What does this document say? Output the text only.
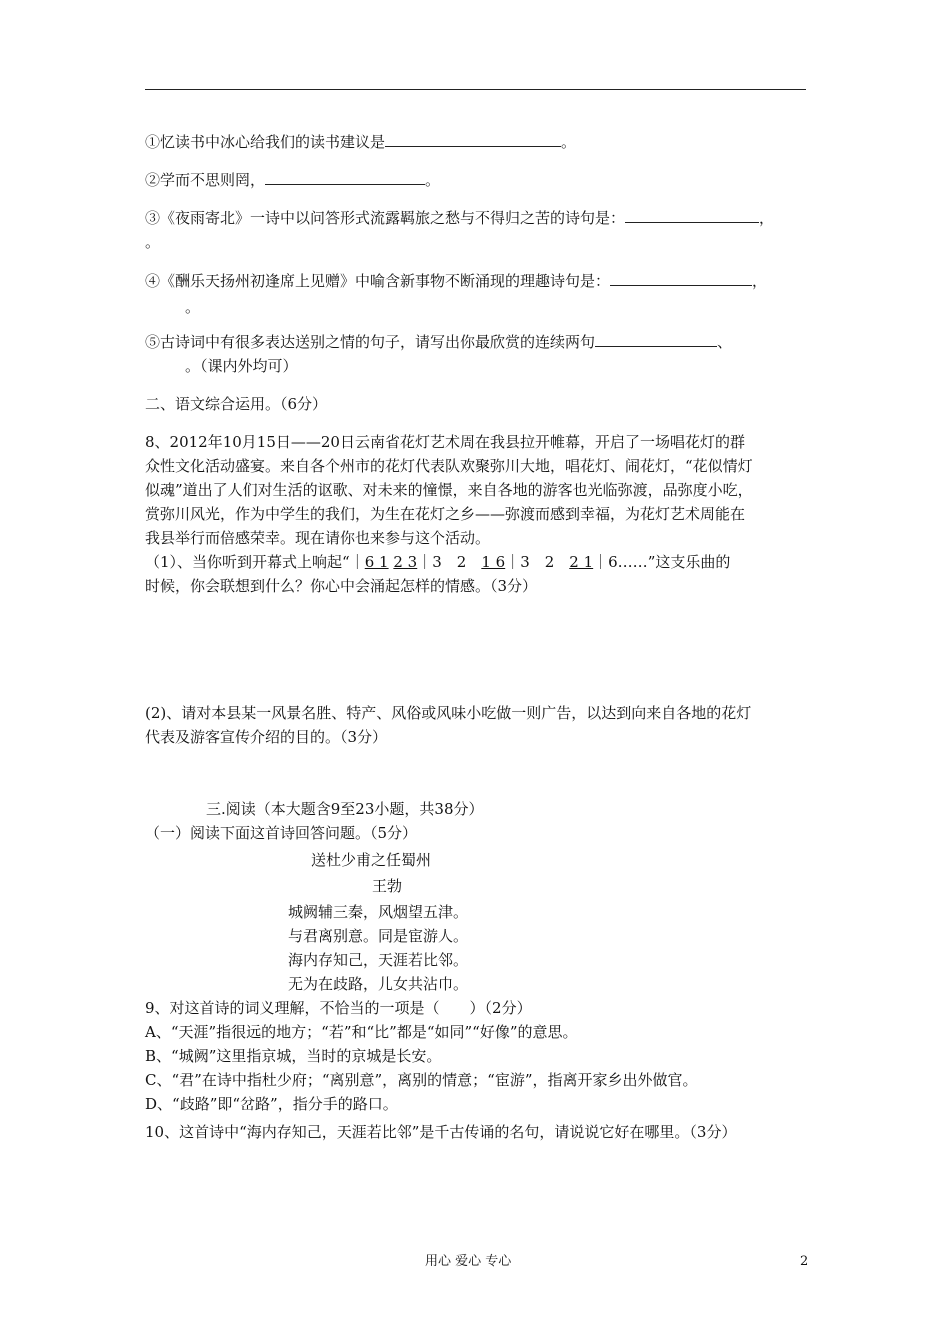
①忆读书中冰心给我们的读书建议是	。
②学而不思则罔，	。
③《夜雨寄北》一诗中以问答形式流露羁旅之愁与不得归之苦的诗句是：	，
。
④《酬乐天扬州初逢席上见赠》中喻含新事物不断涌现的理趣诗句是：	，
。
⑤古诗词中有很多表达送别之情的句子，请写出你最欣赏的连续两句	、
。（课内外均可）
二、语文综合运用。（6分）
8、2012年10月15日——20日云南省花灯艺术周在我县拉开帷幕，开启了一场唱花灯的群
众性文化活动盛宴。来自各个州市的花灯代表队欢聚弥川大地，唱花灯、闹花灯，“花似情灯
似魂”道出了人们对生活的讴歌、对未来的憧憬，来自各地的游客也光临弥渡，品弥度小吃，
赏弥川风光，作为中学生的我们，为生在花灯之乡——弥渡而感到幸福，为花灯艺术周能在
我县举行而倍感荣幸。现在请你也来参与这个活动。
（1）、当你听到开幕式上响起“｜6 1 2 3｜3　2　1 6｜3　2　2 1｜6……”这支乐曲的
时候，你会联想到什么？你心中会涌起怎样的情感。（3分）
(2)、请对本县某一风景名胜、特产、风俗或风味小吃做一则广告，以达到向来自各地的花灯
代表及游客宣传介绍的目的。（3分）
三.阅读（本大题含9至23小题，共38分）
（一）阅读下面这首诗回答问题。（5分）
送杜少甫之任蜀州
王勃
城阙辅三秦，风烟望五津。
与君离别意。同是宦游人。
海内存知己，天涯若比邻。
无为在歧路，儿女共沾巾。
9、对这首诗的词义理解，不恰当的一项是（　　）（2分）
A、“天涯”指很远的地方；“若”和“比”都是“如同”“好像”的意思。
B、“城阙”这里指京城，当时的京城是长安。
C、“君”在诗中指杜少府；“离别意”，离别的情意；“宦游”，指离开家乡出外做官。
D、“歧路”即“岔路”，指分手的路口。
10、这首诗中“海内存知己，天涯若比邻”是千古传诵的名句，请说说它好在哪里。（3分）
用心 爱心 专心	2
